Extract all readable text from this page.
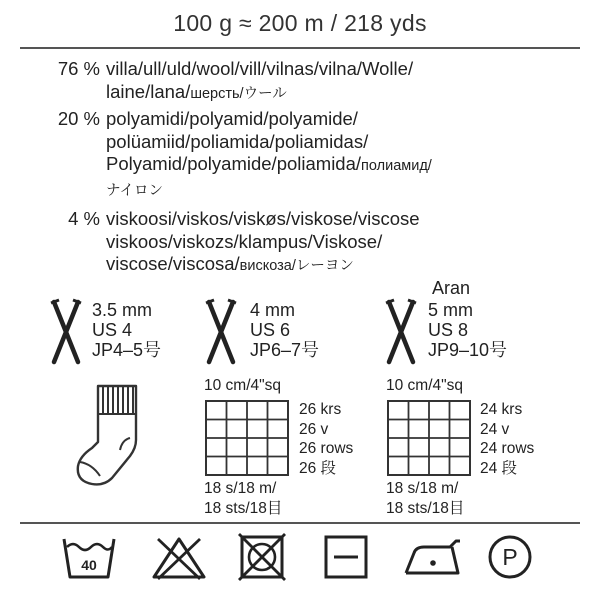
100 g ≈ 200 m / 218 yds
76 % villa/ull/uld/wool/vill/vilnas/vilna/Wolle/
laine/lana/шерсть/ウール
20 % polyamidi/polyamid/polyamide/
polüamiid/poliamida/poliamidas/
Polyamid/polyamide/poliamida/полиамид/
ナイロン
4 % viskoosi/viskos/viskøs/viskose/viscose
viskoos/viskozs/klampus/Viskose/
viscose/viscosa/вискоза/レーヨン
3.5 mm
US 4
JP4–5号
4 mm
US 6
JP6–7号
Aran
5 mm
US 8
JP9–10号
10 cm/4"sq
26 krs
26 v
26 rows
26 段
18 s/18 m/
18 sts/18目
10 cm/4"sq
24 krs
24 v
24 rows
24 段
18 s/18 m/
18 sts/18目
40	P
